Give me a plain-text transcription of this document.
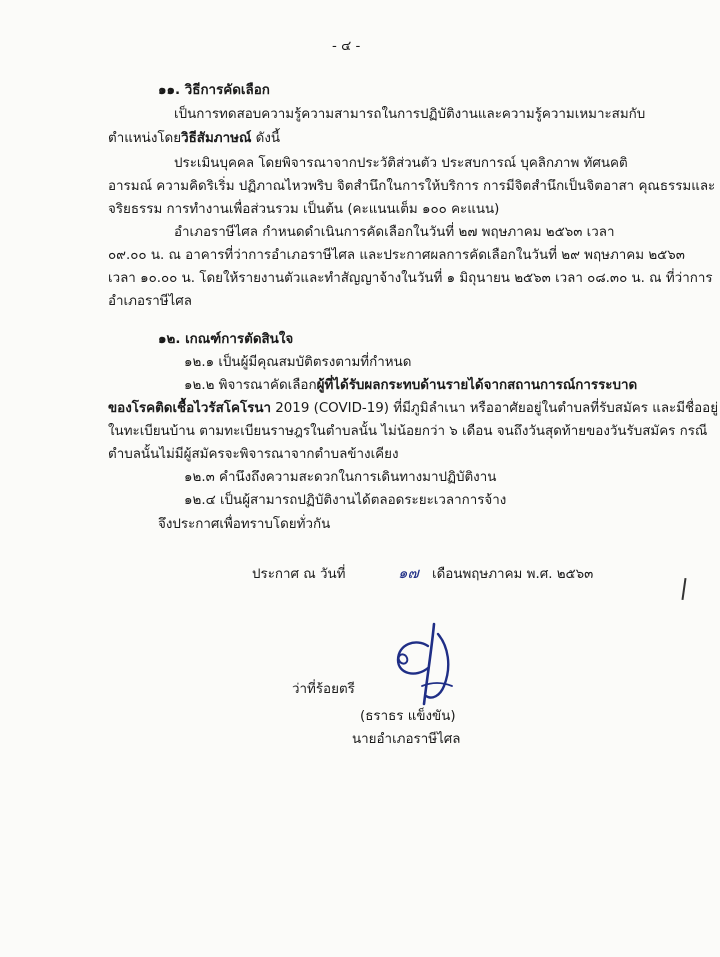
- ๔ -
๑๑. วิธีการคัดเลือก
เป็นการทดสอบความรู้ความสามารถในการปฏิบัติงานและความรู้ความเหมาะสมกับ
ตำแหน่งโดยวิธีสัมภาษณ์ ดังนี้
ประเมินบุคคล โดยพิจารณาจากประวัติส่วนตัว ประสบการณ์ บุคลิกภาพ ทัศนคติ
อารมณ์ ความคิดริเริ่ม ปฏิภาณไหวพริบ จิตสำนึกในการให้บริการ การมีจิตสำนึกเป็นจิตอาสา คุณธรรมและ
จริยธรรม การทำงานเพื่อส่วนรวม เป็นต้น (คะแนนเต็ม ๑๐๐ คะแนน)
อำเภอราษีไศล กำหนดดำเนินการคัดเลือกในวันที่ ๒๗ พฤษภาคม ๒๕๖๓ เวลา
๐๙.๐๐ น. ณ อาคารที่ว่าการอำเภอราษีไศล และประกาศผลการคัดเลือกในวันที่ ๒๙ พฤษภาคม ๒๕๖๓
เวลา ๑๐.๐๐ น. โดยให้รายงานตัวและทำสัญญาจ้างในวันที่ ๑ มิถุนายน ๒๕๖๓ เวลา ๐๘.๓๐ น. ณ ที่ว่าการ
อำเภอราษีไศล
๑๒. เกณฑ์การตัดสินใจ
๑๒.๑ เป็นผู้มีคุณสมบัติตรงตามที่กำหนด
๑๒.๒ พิจารณาคัดเลือกผู้ที่ได้รับผลกระทบด้านรายได้จากสถานการณ์การระบาด
ของโรคติดเชื้อไวรัสโคโรนา 2019 (COVID-19) ที่มีภูมิลำเนา หรืออาศัยอยู่ในตำบลที่รับสมัคร และมีชื่ออยู่
ในทะเบียนบ้าน ตามทะเบียนราษฎรในตำบลนั้น ไม่น้อยกว่า ๖ เดือน จนถึงวันสุดท้ายของวันรับสมัคร กรณี
ตำบลนั้นไม่มีผู้สมัครจะพิจารณาจากตำบลข้างเคียง
๑๒.๓ คำนึงถึงความสะดวกในการเดินทางมาปฏิบัติงาน
๑๒.๔ เป็นผู้สามารถปฏิบัติงานได้ตลอดระยะเวลาการจ้าง
จึงประกาศเพื่อทราบโดยทั่วกัน
ประกาศ ณ วันที่	๑๗ เดือนพฤษภาคม พ.ศ. ๒๕๖๓
ว่าที่ร้อยตรี
(ธราธร แข็งขัน)
นายอำเภอราษีไศล
